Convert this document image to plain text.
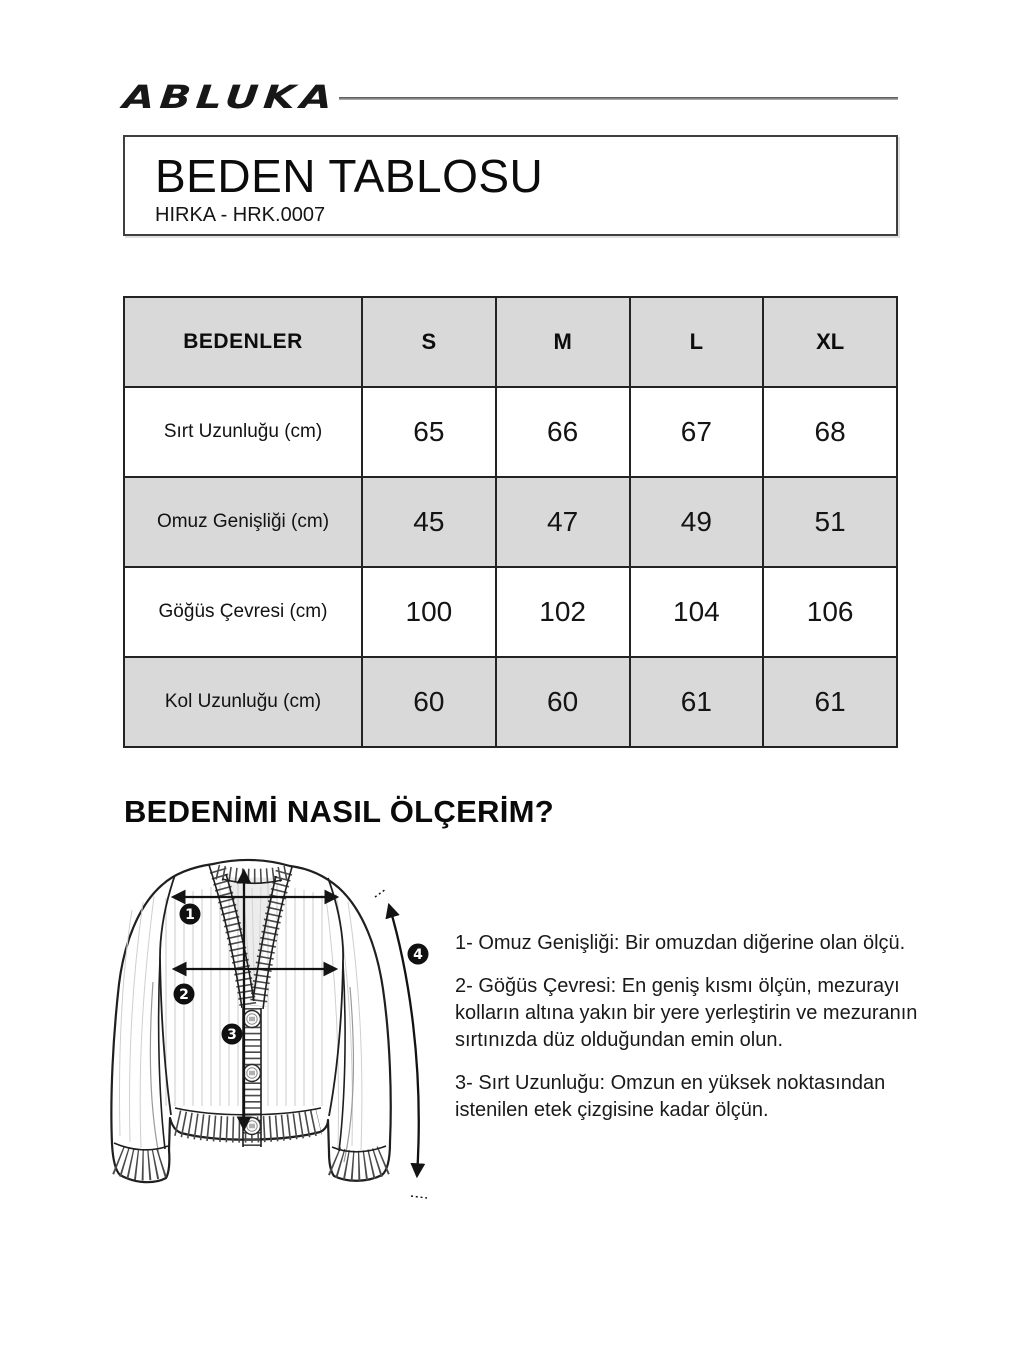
ABLUKA
BEDEN TABLOSU
HIRKA - HRK.0007
BEDENLER	S	M	L	XL
Sırt Uzunluğu (cm)	65	66	67	68
Omuz Genişliği (cm)	45	47	49	51
Göğüs Çevresi (cm)	100	102	104	106
Kol Uzunluğu (cm)	60	60	61	61
BEDENİMİ NASIL ÖLÇERİM?
1
2
3
4

1- Omuz Genişliği: Bir omuzdan diğerine olan ölçü.

2- Göğüs Çevresi: En geniş kısmı ölçün, mezurayı
kolların altına yakın bir yere yerleştirin ve mezuranın
sırtınızda düz olduğundan emin olun.

3- Sırt Uzunluğu: Omzun en yüksek noktasından
istenilen etek çizgisine kadar ölçün.
